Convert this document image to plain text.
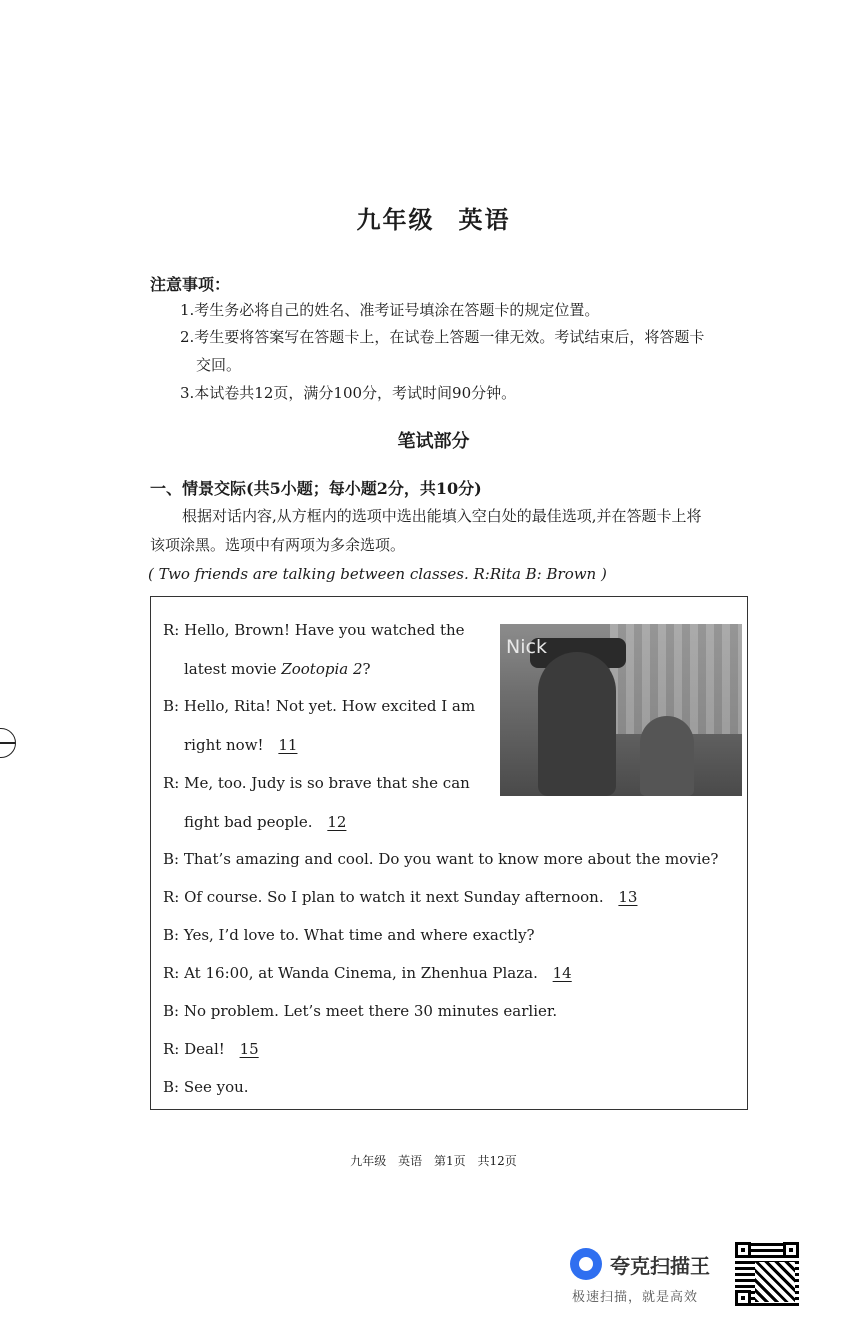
九年级 英语
注意事项：
1.考生务必将自己的姓名、准考证号填涂在答题卡的规定位置。
2.考生要将答案写在答题卡上，在试卷上答题一律无效。考试结束后，将答题卡
交回。
3.本试卷共12页，满分100分，考试时间90分钟。
笔试部分
一、情景交际(共5小题；每小题2分，共10分)
根据对话内容,从方框内的选项中选出能填入空白处的最佳选项,并在答题卡上将
该项涂黑。选项中有两项为多余选项。
( Two friends are talking between classes. R:Rita B: Brown )
Nick
R: Hello, Brown! Have you watched the
latest movie Zootopia 2?
B: Hello, Rita! Not yet. How excited I am
right now! 11
R: Me, too. Judy is so brave that she can
fight bad people. 12
B: That’s amazing and cool. Do you want to know more about the movie?
R: Of course. So I plan to watch it next Sunday afternoon. 13
B: Yes, I’d love to. What time and where exactly?
R: At 16:00, at Wanda Cinema, in Zhenhua Plaza. 14
B: No problem. Let’s meet there 30 minutes earlier.
R: Deal! 15
B: See you.
九年级 英语 第1页 共12页
夸克扫描王
极速扫描，就是高效
